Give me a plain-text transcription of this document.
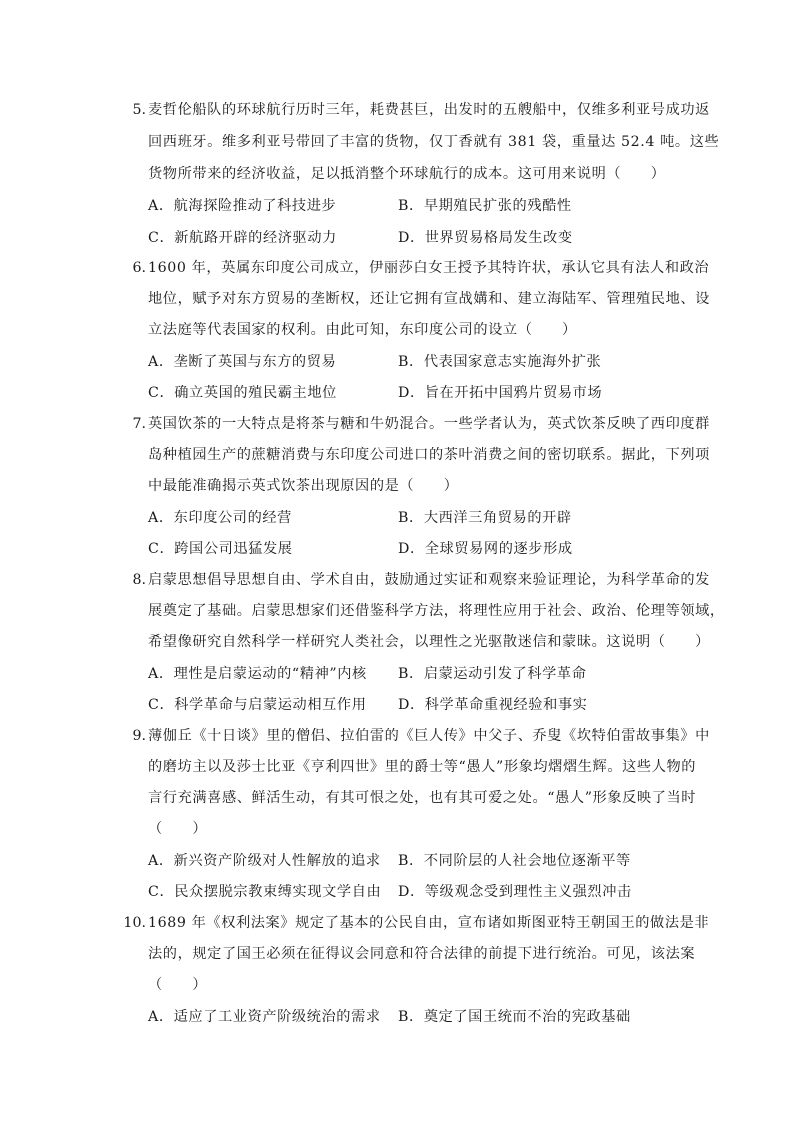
5. 麦哲伦船队的环球航行历时三年，耗费甚巨，出发时的五艘船中，仅维多利亚号成功返
回西班牙。维多利亚号带回了丰富的货物，仅丁香就有 381 袋，重量达 52.4 吨。这些
货物所带来的经济收益，足以抵消整个环球航行的成本。这可用来说明（　　）
A．航海探险推动了科技进步	B．早期殖民扩张的残酷性
C．新航路开辟的经济驱动力	D．世界贸易格局发生改变
6. 1600 年，英属东印度公司成立，伊丽莎白女王授予其特许状，承认它具有法人和政治
地位，赋予对东方贸易的垄断权，还让它拥有宣战媾和、建立海陆军、管理殖民地、设
立法庭等代表国家的权利。由此可知，东印度公司的设立（　　）
A．垄断了英国与东方的贸易	B．代表国家意志实施海外扩张
C．确立英国的殖民霸主地位	D．旨在开拓中国鸦片贸易市场
7. 英国饮茶的一大特点是将茶与糖和牛奶混合。一些学者认为，英式饮茶反映了西印度群
岛种植园生产的蔗糖消费与东印度公司进口的茶叶消费之间的密切联系。据此，下列项
中最能准确揭示英式饮茶出现原因的是（　　）
A．东印度公司的经营	B．大西洋三角贸易的开辟
C．跨国公司迅猛发展	D．全球贸易网的逐步形成
8. 启蒙思想倡导思想自由、学术自由，鼓励通过实证和观察来验证理论，为科学革命的发
展奠定了基础。启蒙思想家们还借鉴科学方法，将理性应用于社会、政治、伦理等领域，
希望像研究自然科学一样研究人类社会，以理性之光驱散迷信和蒙昧。这说明（　　）
A．理性是启蒙运动的“精神”内核 B．启蒙运动引发了科学革命
C．科学革命与启蒙运动相互作用 D．科学革命重视经验和事实
9. 薄伽丘《十日谈》里的僧侣、拉伯雷的《巨人传》中父子、乔叟《坎特伯雷故事集》中
的磨坊主以及莎士比亚《亨利四世》里的爵士等“愚人”形象均熠熠生辉。这些人物的
言行充满喜感、鲜活生动，有其可恨之处，也有其可爱之处。“愚人”形象反映了当时
（　　）
A．新兴资产阶级对人性解放的追求 B．不同阶层的人社会地位逐渐平等
C．民众摆脱宗教束缚实现文学自由 D．等级观念受到理性主义强烈冲击
10. 1689 年《权利法案》规定了基本的公民自由，宣布诸如斯图亚特王朝国王的做法是非
法的，规定了国王必须在征得议会同意和符合法律的前提下进行统治。可见，该法案
（　　）
A．适应了工业资产阶级统治的需求 B．奠定了国王统而不治的宪政基础
